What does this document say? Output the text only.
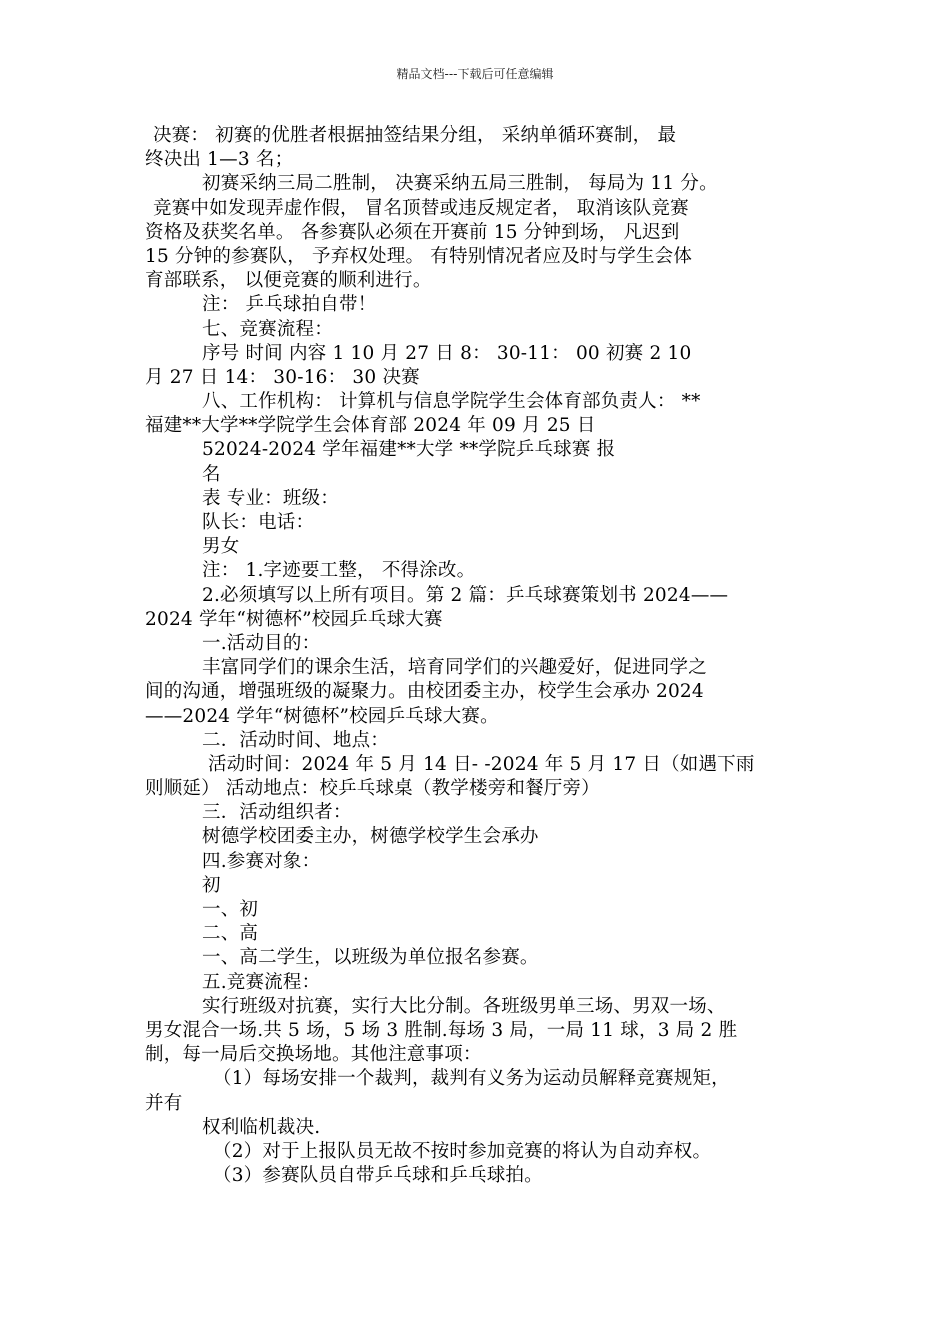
精品文档---下载后可任意编辑
决赛： 初赛的优胜者根据抽签结果分组， 采纳单循环赛制， 最
终决出 1—3 名；
初赛采纳三局二胜制， 决赛采纳五局三胜制， 每局为 11 分。
竞赛中如发现弄虚作假， 冒名顶替或违反规定者， 取消该队竞赛
资格及获奖名单。 各参赛队必须在开赛前 15 分钟到场， 凡迟到
15 分钟的参赛队， 予弃权处理。 有特别情况者应及时与学生会体
育部联系， 以便竞赛的顺利进行。
注： 乒乓球拍自带！
七、竞赛流程：
序号 时间 内容 1 10 月 27 日 8： 30-11： 00 初赛 2 10
月 27 日 14： 30-16： 30 决赛
八、工作机构： 计算机与信息学院学生会体育部负责人： **
福建**大学**学院学生会体育部 2024 年 09 月 25 日
52024-2024 学年福建**大学 **学院乒乓球赛 报
名
表 专业：班级：
队长：电话：
男女
注： 1.字迹要工整， 不得涂改。
2.必须填写以上所有项目。第 2 篇：乒乓球赛策划书 2024——
2024 学年“树德杯”校园乒乓球大赛
一.活动目的：
丰富同学们的课余生活，培育同学们的兴趣爱好，促进同学之
间的沟通，增强班级的凝聚力。由校团委主办，校学生会承办 2024
——2024 学年“树德杯”校园乒乓球大赛。
二．活动时间、地点：
活动时间：2024 年 5 月 14 日- -2024 年 5 月 17 日（如遇下雨
则顺延） 活动地点：校乒乓球桌（教学楼旁和餐厅旁）
三．活动组织者：
树德学校团委主办，树德学校学生会承办
四.参赛对象：
初
一、初
二、高
一、高二学生，以班级为单位报名参赛。
五.竞赛流程：
实行班级对抗赛，实行大比分制。各班级男单三场、男双一场、
男女混合一场.共 5 场，5 场 3 胜制.每场 3 局，一局 11 球，3 局 2 胜
制，每一局后交换场地。其他注意事项：
（1）每场安排一个裁判，裁判有义务为运动员解释竞赛规矩，
并有
权利临机裁决.
（2）对于上报队员无故不按时参加竞赛的将认为自动弃权。
（3）参赛队员自带乒乓球和乒乓球拍。
